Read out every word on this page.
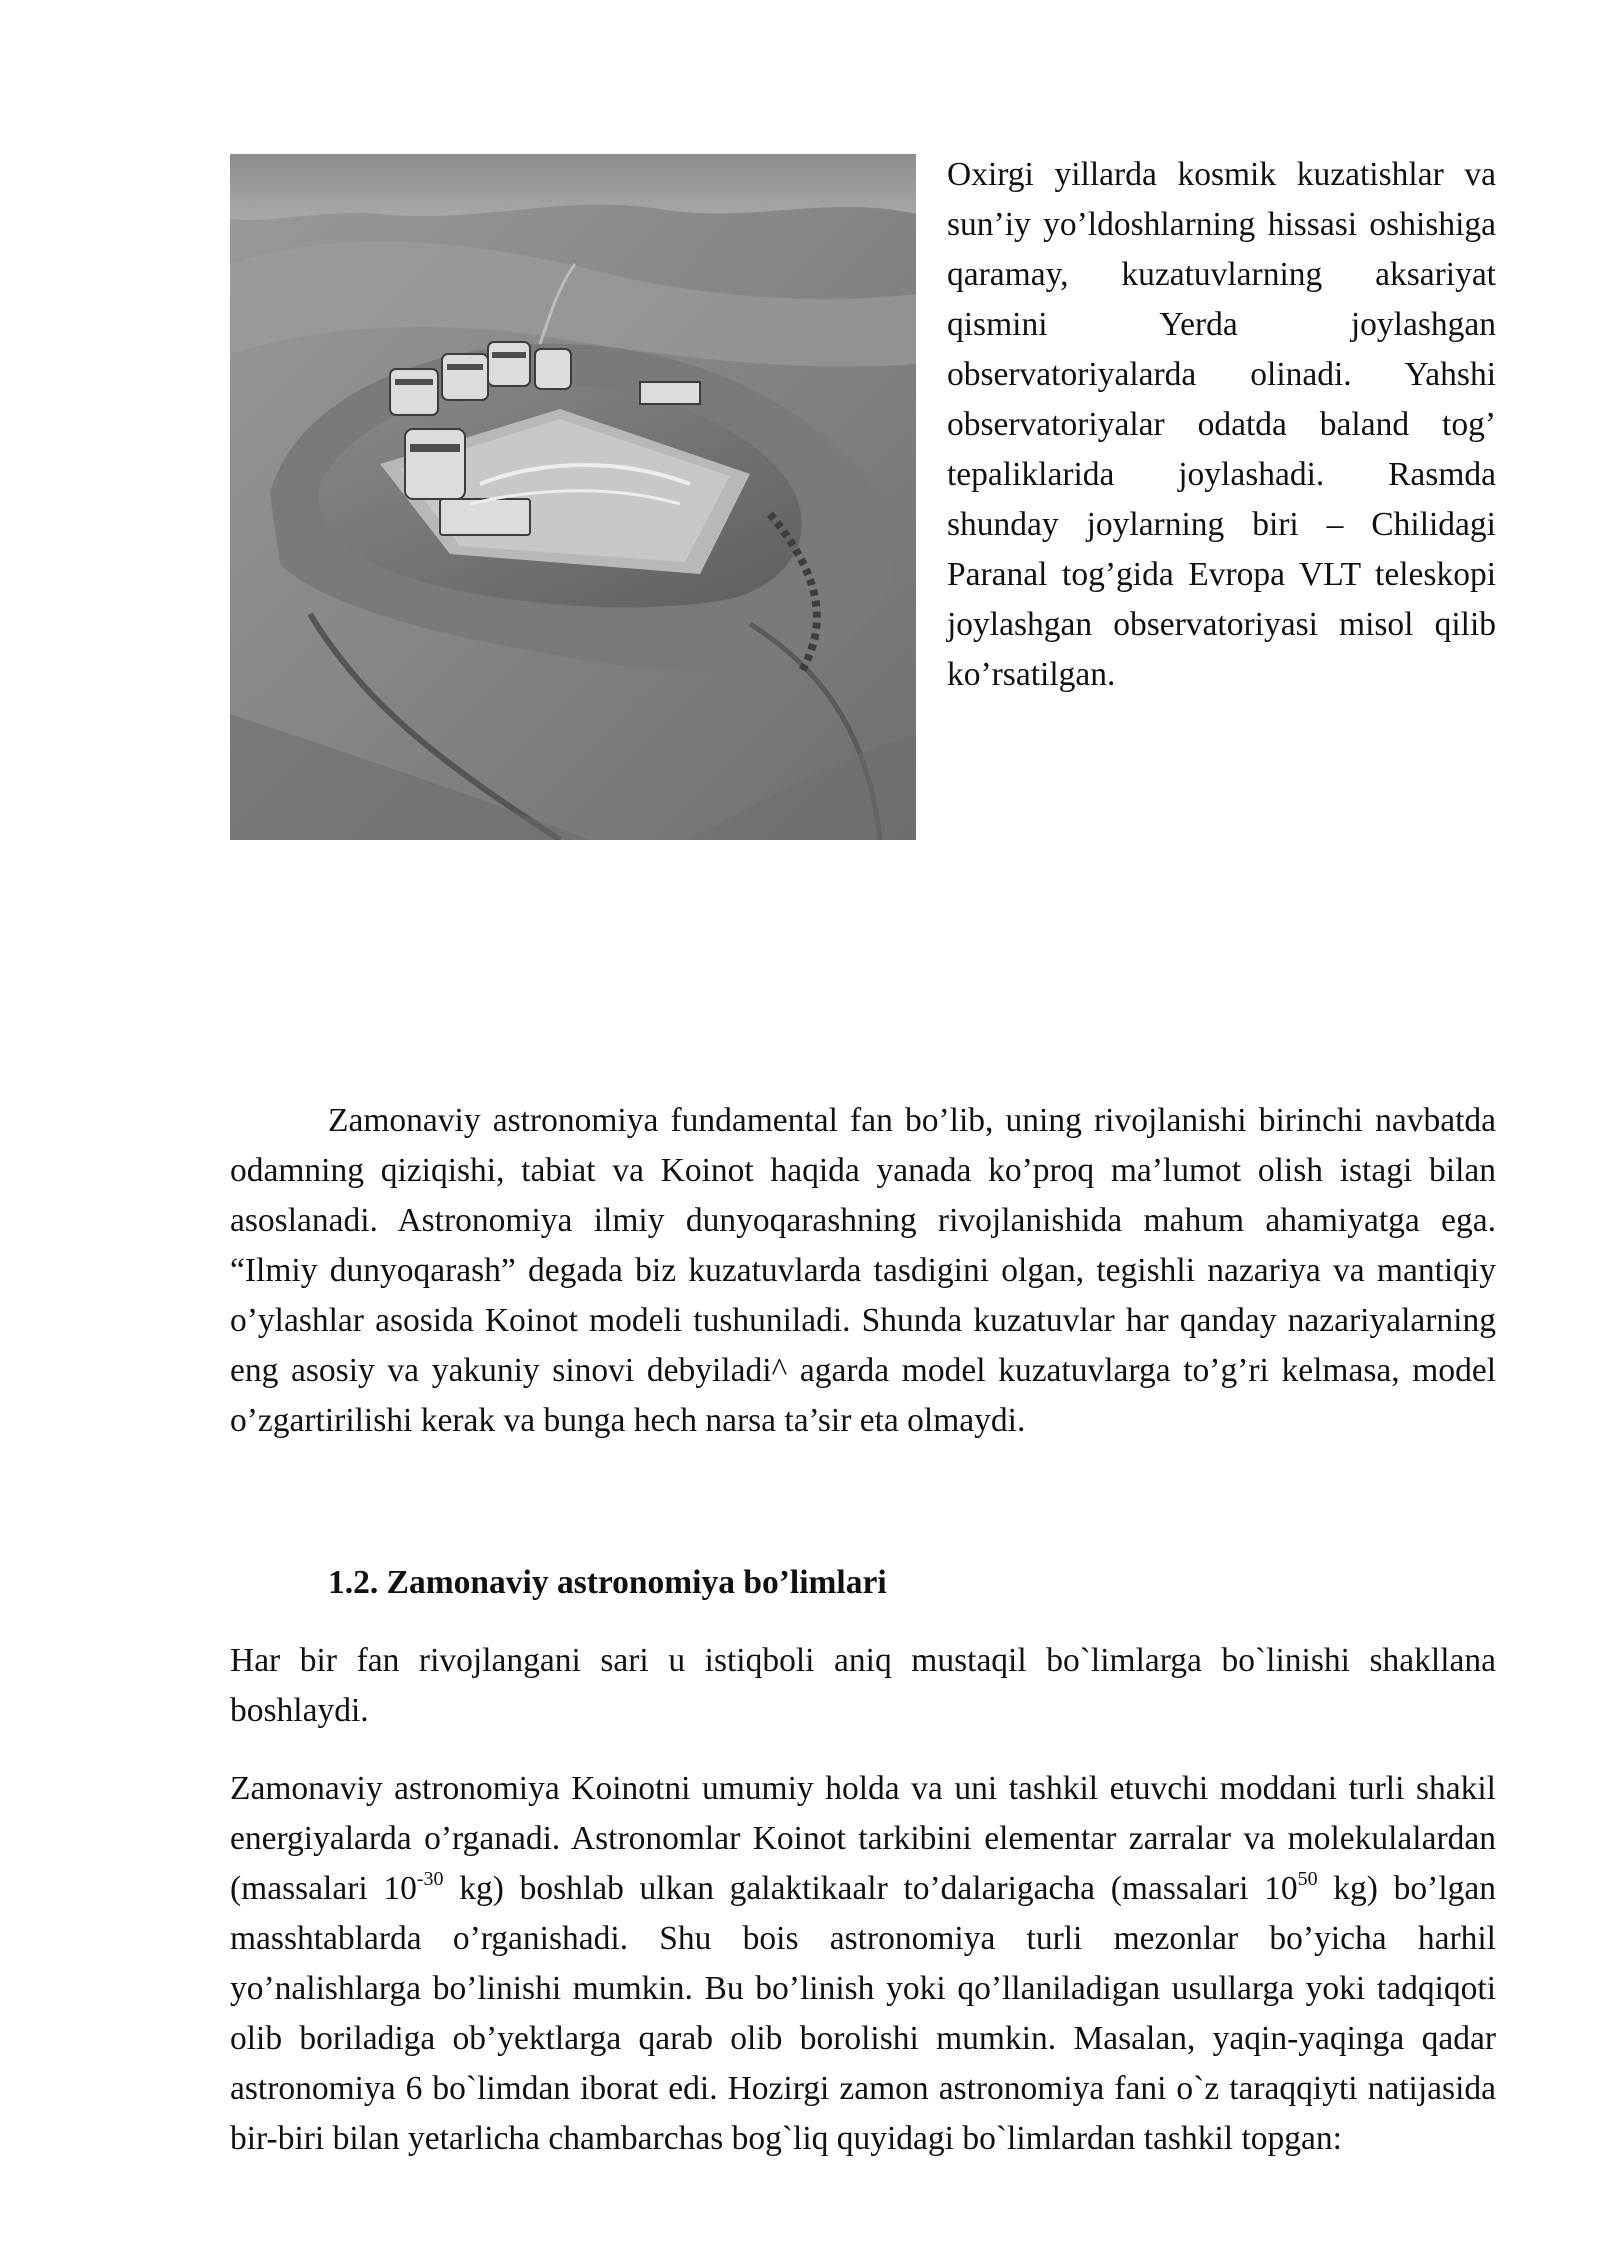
Oxirgi yillarda kosmik kuzatishlar va sun’iy yo’ldoshlarning hissasi oshishiga qaramay, kuzatuvlarning aksariyat qismini Yerda joylashgan observatoriyalarda olinadi. Yahshi observatoriyalar odatda baland tog’ tepaliklarida joylashadi. Rasmda shunday joylarning biri – Chilidagi Paranal tog’gida Evropa VLT teleskopi joylashgan observatoriyasi misol qilib ko’rsatilgan.

Zamonaviy astronomiya fundamental fan bo’lib, uning rivojlanishi birinchi navbatda odamning qiziqishi, tabiat va Koinot haqida yanada ko’proq ma’lumot olish istagi bilan asoslanadi. Astronomiya ilmiy dunyoqarashning rivojlanishida mahum ahamiyatga ega. “Ilmiy dunyoqarash” degada biz kuzatuvlarda tasdigini olgan, tegishli nazariya va mantiqiy o’ylashlar asosida Koinot modeli tushuniladi. Shunda kuzatuvlar har qanday nazariyalarning eng asosiy va yakuniy sinovi debyiladi^ agarda model kuzatuvlarga to’g’ri kelmasa, model o’zgartirilishi kerak va bunga hech narsa ta’sir eta olmaydi.

1.2. Zamonaviy astronomiya bo’limlari

Har bir fan rivojlangani sari u istiqboli aniq mustaqil bo`limlarga bo`linishi shakllana boshlaydi.

Zamonaviy astronomiya Koinotni umumiy holda va uni tashkil etuvchi moddani turli shakil energiyalarda o’rganadi. Astronomlar Koinot tarkibini elementar zarralar va molekulalardan (massalari $10^{-30}$ kg) boshlab ulkan galaktikaalr to’dalarigacha (massalari $10^{50}$ kg) bo’lgan masshtablarda o’rganishadi. Shu bois astronomiya turli mezonlar bo’yicha harhil yo’nalishlarga bo’linishi mumkin. Bu bo’linish yoki qo’llaniladigan usullarga yoki tadqiqoti olib boriladiga ob’yektlarga qarab olib borolishi mumkin. Masalan, yaqin-yaqinga qadar astronomiya 6 bo`limdan iborat edi. Hozirgi zamon astronomiya fani o`z taraqqiyti natijasida bir-biri bilan yetarlicha chambarchas bog`liq quyidagi bo`limlardan tashkil topgan:
